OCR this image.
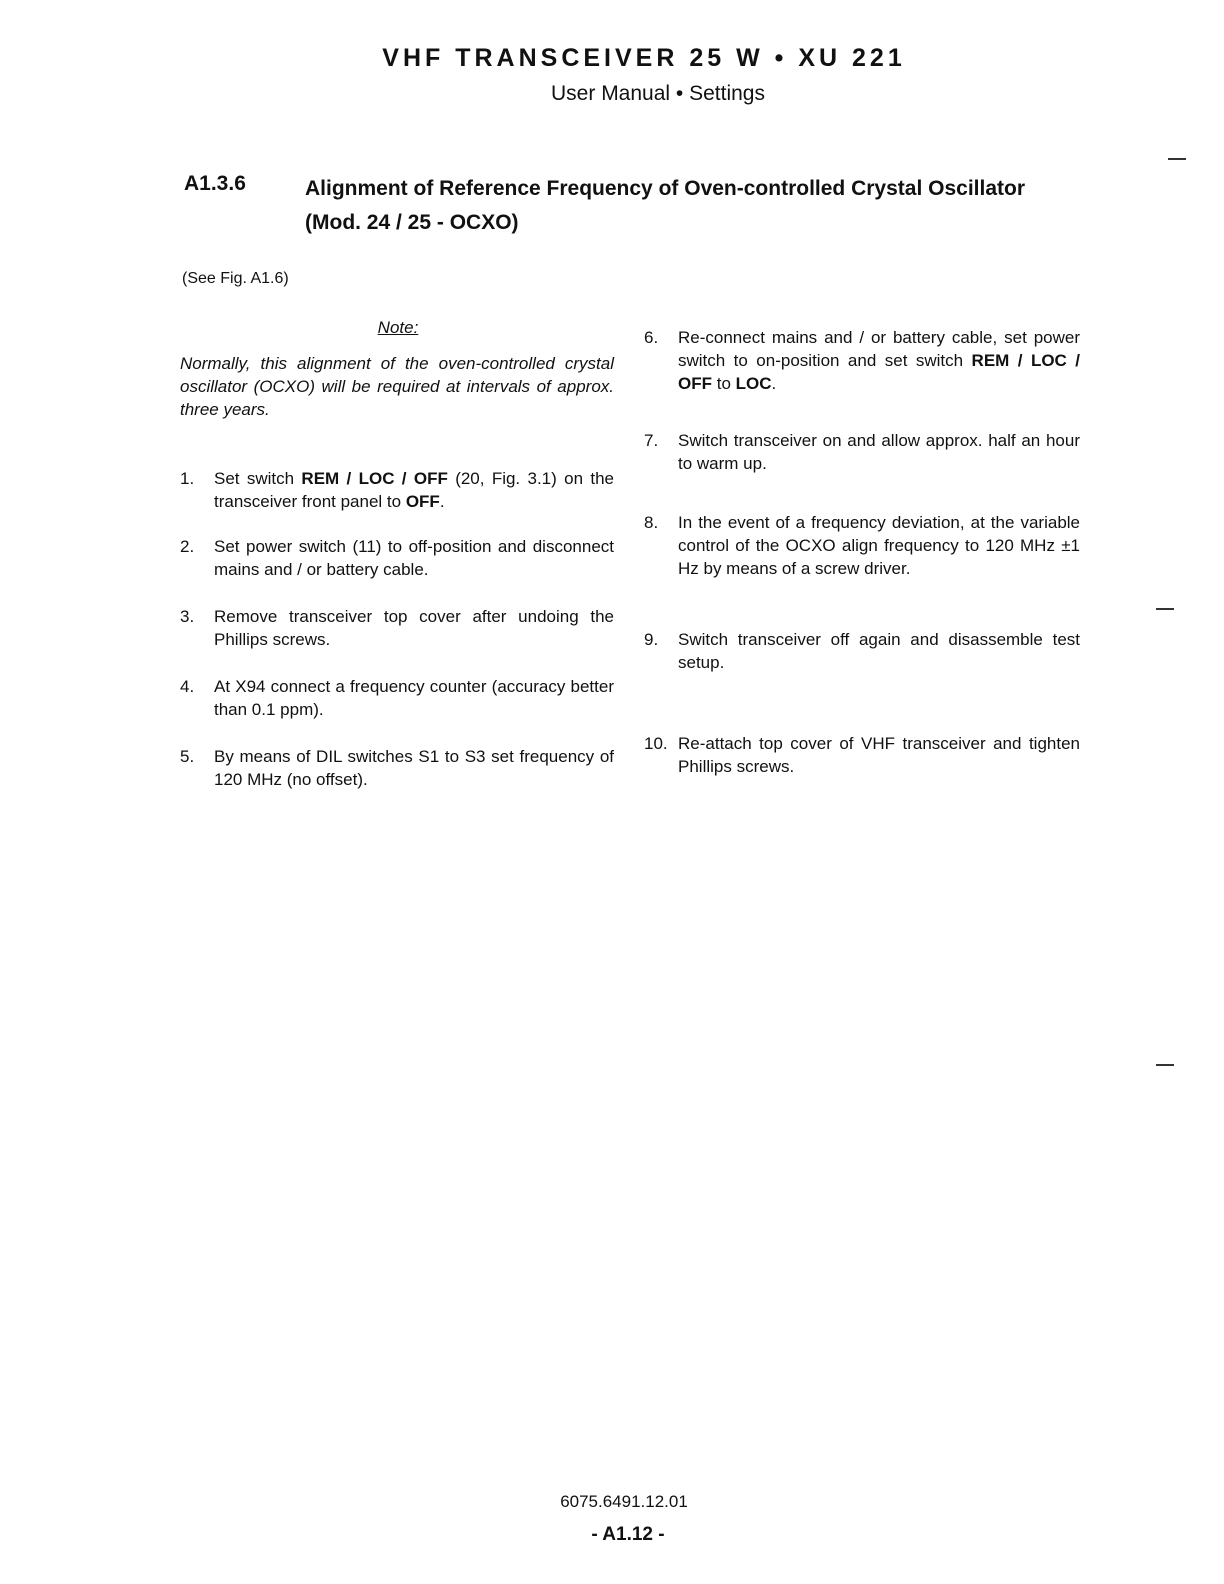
VHF TRANSCEIVER 25 W • XU 221
User Manual • Settings
A1.3.6	Alignment of Reference Frequency of Oven-controlled Crystal Oscillator (Mod. 24 / 25 - OCXO)
(See Fig. A1.6)
Note:
Normally, this alignment of the oven-controlled crystal oscillator (OCXO) will be required at intervals of approx. three years.
1.	Set switch REM / LOC / OFF (20, Fig. 3.1) on the transceiver front panel to OFF.
2.	Set power switch (11) to off-position and disconnect mains and / or battery cable.
3.	Remove transceiver top cover after undoing the Phillips screws.
4.	At X94 connect a frequency counter (accuracy better than 0.1 ppm).
5.	By means of DIL switches S1 to S3 set frequency of 120 MHz (no offset).
6.	Re-connect mains and / or battery cable, set power switch to on-position and set switch REM / LOC / OFF to LOC.
7.	Switch transceiver on and allow approx. half an hour to warm up.
8.	In the event of a frequency deviation, at the variable control of the OCXO align frequency to 120 MHz ±1 Hz by means of a screw driver.
9.	Switch transceiver off again and disassemble test setup.
10. Re-attach top cover of VHF transceiver and tighten Phillips screws.
6075.6491.12.01
- A1.12 -
